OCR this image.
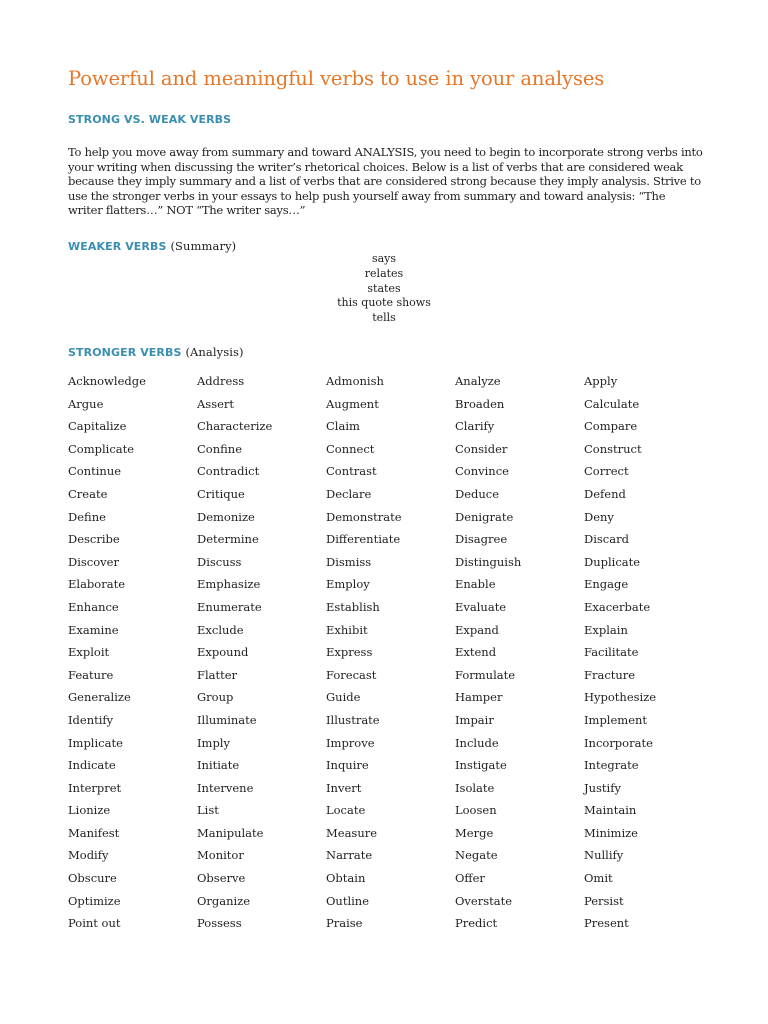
Powerful and meaningful verbs to use in your analyses
STRONG VS. WEAK VERBS
To help you move away from summary and toward ANALYSIS, you need to begin to incorporate strong verbs into your writing when discussing the writer’s rhetorical choices. Below is a list of verbs that are considered weak because they imply summary and a list of verbs that are considered strong because they imply analysis. Strive to use the stronger verbs in your essays to help push yourself away from summary and toward analysis: “The writer flatters…” NOT “The writer says…”
WEAKER VERBS (Summary)
says
relates
states
this quote shows
tells
STRONGER VERBS (Analysis)
Acknowledge	Address	Admonish	Analyze	Apply
Argue	Assert	Augment	Broaden	Calculate
Capitalize	Characterize	Claim	Clarify	Compare
Complicate	Confine	Connect	Consider	Construct
Continue	Contradict	Contrast	Convince	Correct
Create	Critique	Declare	Deduce	Defend
Define	Demonize	Demonstrate	Denigrate	Deny
Describe	Determine	Differentiate	Disagree	Discard
Discover	Discuss	Dismiss	Distinguish	Duplicate
Elaborate	Emphasize	Employ	Enable	Engage
Enhance	Enumerate	Establish	Evaluate	Exacerbate
Examine	Exclude	Exhibit	Expand	Explain
Exploit	Expound	Express	Extend	Facilitate
Feature	Flatter	Forecast	Formulate	Fracture
Generalize	Group	Guide	Hamper	Hypothesize
Identify	Illuminate	Illustrate	Impair	Implement
Implicate	Imply	Improve	Include	Incorporate
Indicate	Initiate	Inquire	Instigate	Integrate
Interpret	Intervene	Invert	Isolate	Justify
Lionize	List	Locate	Loosen	Maintain
Manifest	Manipulate	Measure	Merge	Minimize
Modify	Monitor	Narrate	Negate	Nullify
Obscure	Observe	Obtain	Offer	Omit
Optimize	Organize	Outline	Overstate	Persist
Point out	Possess	Praise	Predict	Present
